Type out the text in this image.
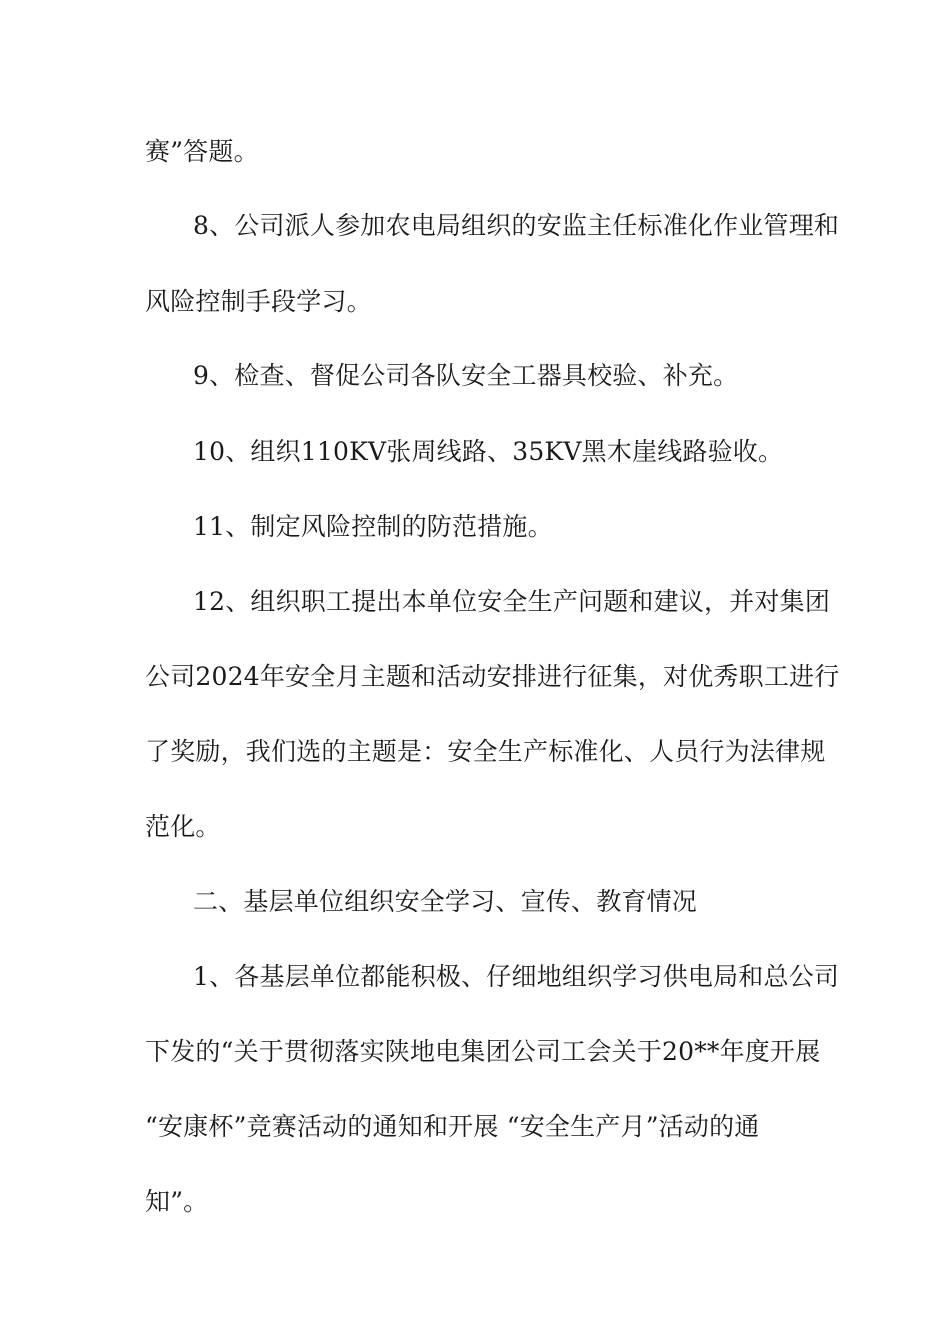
赛”答题。
8、公司派人参加农电局组织的安监主任标准化作业管理和
风险控制手段学习。
9、检查、督促公司各队安全工器具校验、补充。
10、组织110KV张周线路、35KV黑木崖线路验收。
11、制定风险控制的防范措施。
12、组织职工提出本单位安全生产问题和建议，并对集团
公司2024年安全月主题和活动安排进行征集，对优秀职工进行
了奖励，我们选的主题是：安全生产标准化、人员行为法律规
范化。
二、基层单位组织安全学习、宣传、教育情况
1、各基层单位都能积极、仔细地组织学习供电局和总公司
下发的“关于贯彻落实陕地电集团公司工会关于20**年度开展
“安康杯”竞赛活动的通知和开展 “安全生产月”活动的通
知”。
